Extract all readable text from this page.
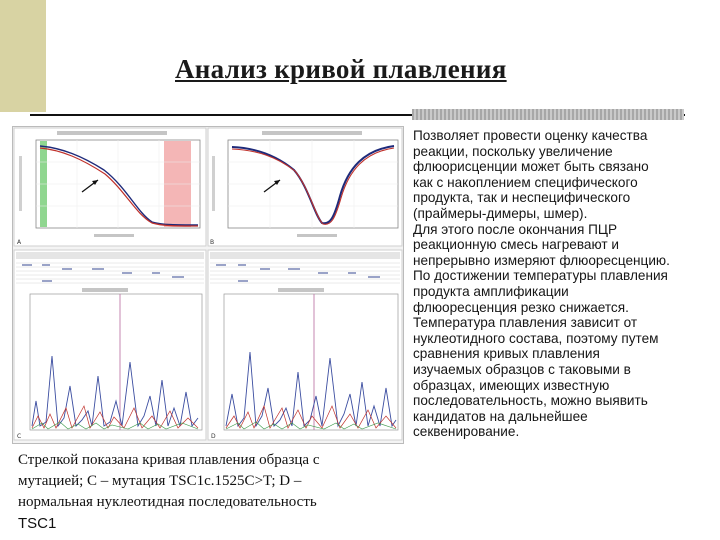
Анализ кривой плавления
A	B
C	D
Позволяет провести оценку качества
реакции, поскольку увеличение
флюорисценции может быть связано
как с накоплением специфического
продукта, так и неспецифического
(праймеры-димеры, шмер).
Для этого после окончания ПЦР
реакционную смесь нагревают и
непрерывно измеряют флюоресценцию.
По достижении температуры плавления
продукта амплификации
флюоресценция резко снижается.
Температура плавления зависит от
нуклеотидного состава, поэтому путем
сравнения кривых плавления
изучаемых образцов с таковыми в
образцах, имеющих известную
последовательность, можно выявить
кандидатов на дальнейшее
секвенирование.
Стрелкой показана кривая плавления образца с
мутацией; C – мутация TSC1c.1525C>T; D –
нормальная нуклеотидная последовательность
TSC1
